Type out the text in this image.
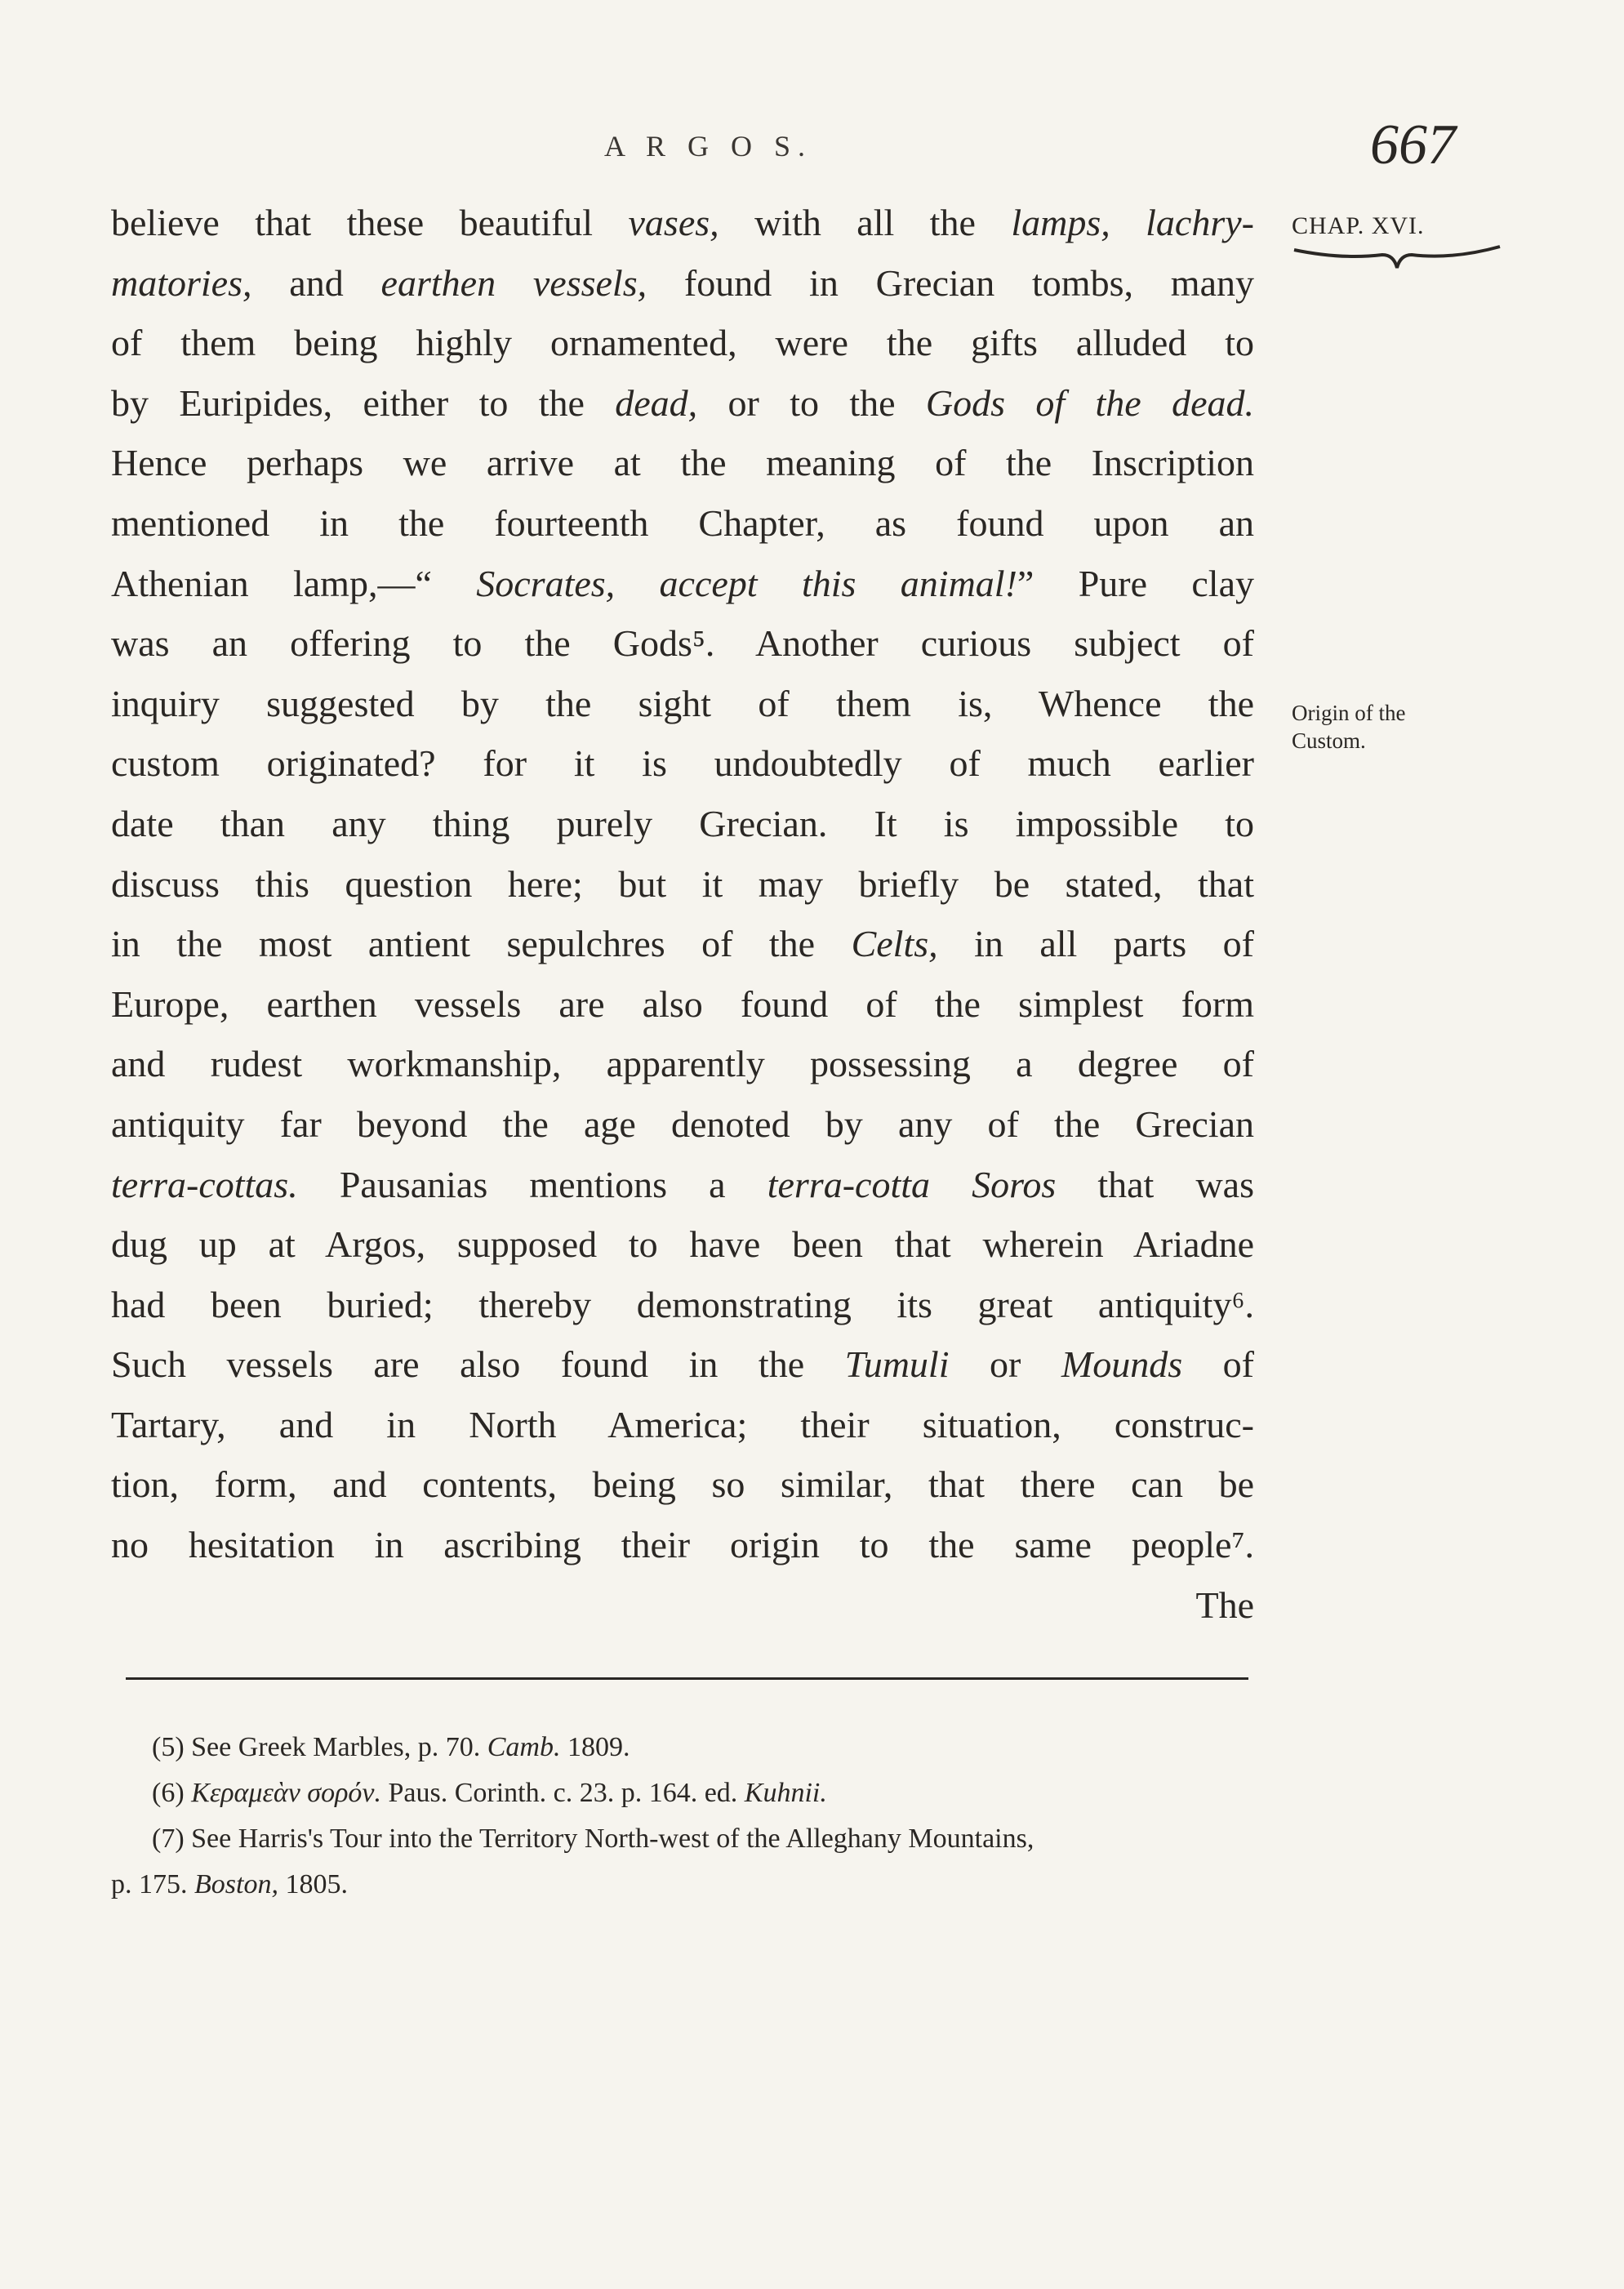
A R G O S.	667
CHAP. XVI.
Origin of the
Custom.
believe that these beautiful vases, with all the lamps, lachry-
matories, and earthen vessels, found in Grecian tombs, many
of them being highly ornamented, were the gifts alluded to
by Euripides, either to the dead, or to the Gods of the dead.
Hence perhaps we arrive at the meaning of the Inscription
mentioned in the fourteenth Chapter, as found upon an
Athenian lamp,—“ Socrates, accept this animal!” Pure clay
was an offering to the Gods⁵. Another curious subject of
inquiry suggested by the sight of them is, Whence the
custom originated? for it is undoubtedly of much earlier
date than any thing purely Grecian. It is impossible to
discuss this question here; but it may briefly be stated, that
in the most antient sepulchres of the Celts, in all parts of
Europe, earthen vessels are also found of the simplest form
and rudest workmanship, apparently possessing a degree of
antiquity far beyond the age denoted by any of the Grecian
terra-cottas. Pausanias mentions a terra-cotta Soros that was
dug up at Argos, supposed to have been that wherein Ariadne
had been buried; thereby demonstrating its great antiquity⁶.
Such vessels are also found in the Tumuli or Mounds of
Tartary, and in North America; their situation, construc-
tion, form, and contents, being so similar, that there can be
no hesitation in ascribing their origin to the same people⁷.
The
(5) See Greek Marbles, p. 70. Camb. 1809.
(6) Κεραμεὰν σορόν. Paus. Corinth. c. 23. p. 164. ed. Kuhnii.
(7) See Harris's Tour into the Territory North-west of the Alleghany Mountains,
p. 175. Boston, 1805.
